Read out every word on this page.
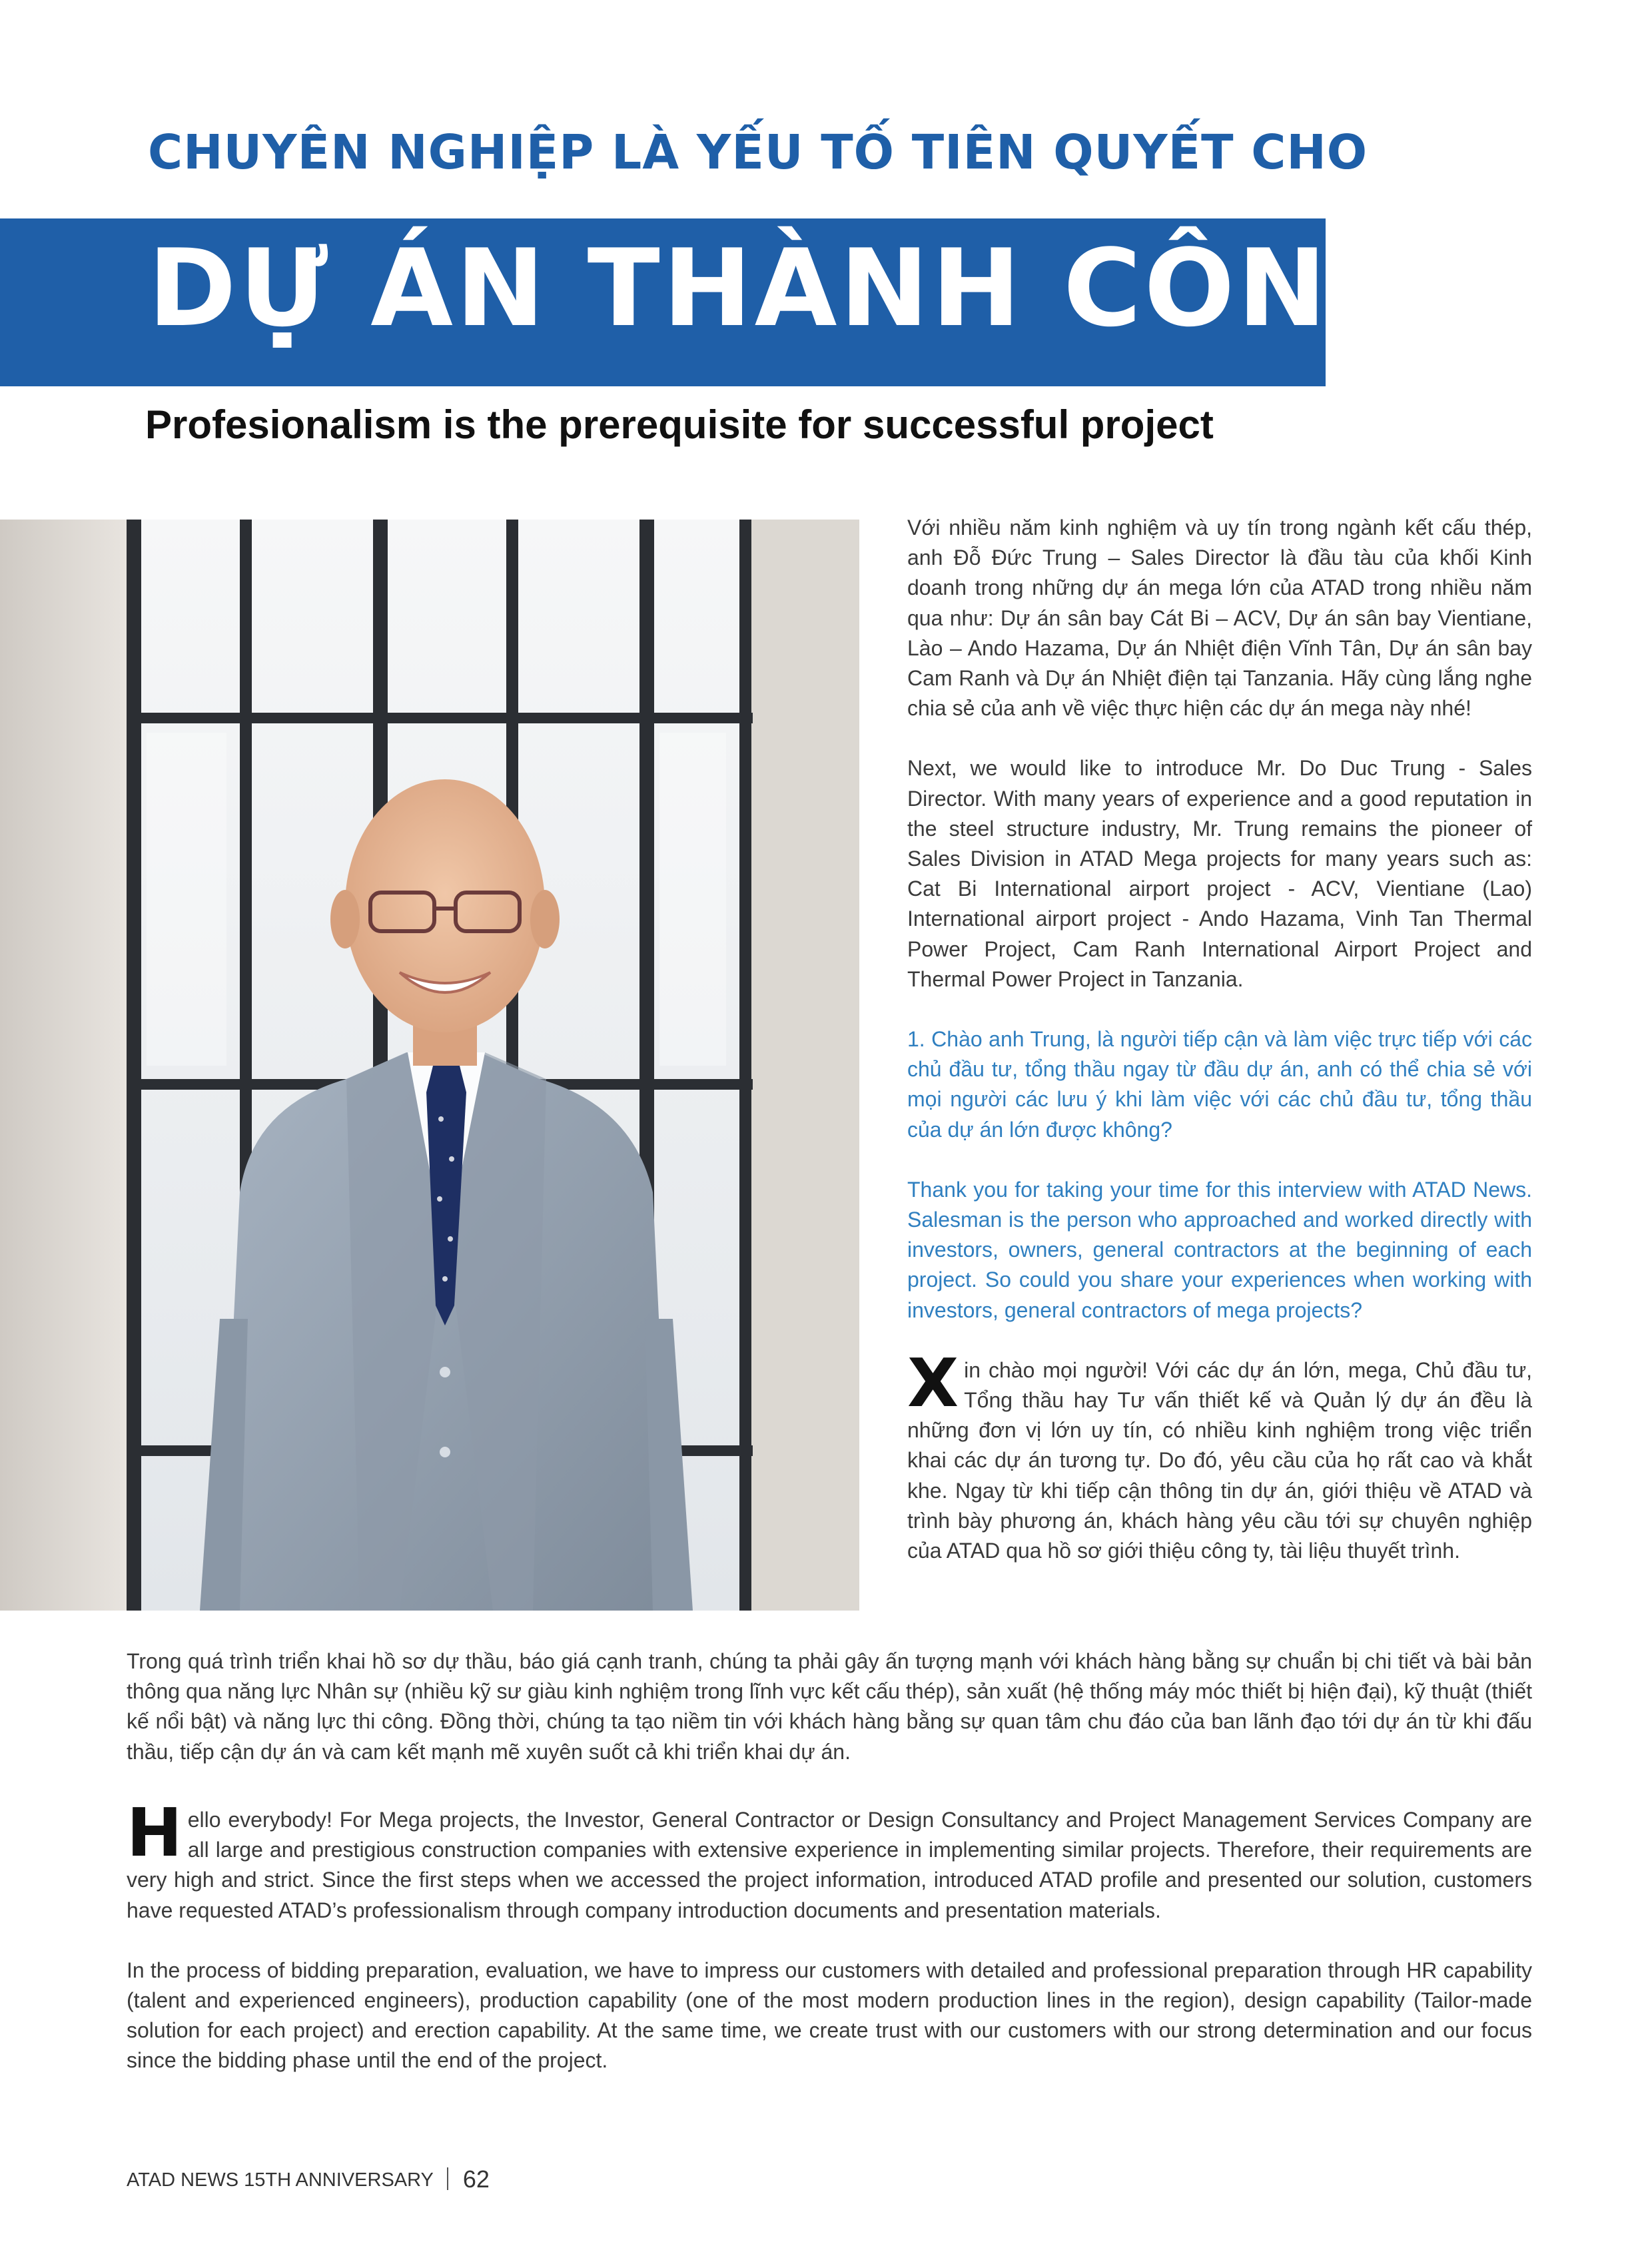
CHUYÊN NGHIỆP LÀ YẾU TỐ TIÊN QUYẾT CHO
DỰ ÁN THÀNH CÔNG
Profesionalism is the prerequisite for successful project

Với nhiều năm kinh nghiệm và uy tín trong ngành kết cấu thép, anh Đỗ Đức Trung – Sales Director là đầu tàu của khối Kinh doanh trong những dự án mega lớn của ATAD trong nhiều năm qua như: Dự án sân bay Cát Bi – ACV, Dự án sân bay Vientiane, Lào – Ando Hazama, Dự án Nhiệt điện Vĩnh Tân, Dự án sân bay Cam Ranh và Dự án Nhiệt điện tại Tanzania. Hãy cùng lắng nghe chia sẻ của anh về việc thực hiện các dự án mega này nhé!

Next, we would like to introduce Mr. Do Duc Trung - Sales Director. With many years of experience and a good reputation in the steel structure industry, Mr. Trung remains the pioneer of Sales Division in ATAD Mega projects for many years such as: Cat Bi International airport project - ACV, Vientiane (Lao) International airport project - Ando Hazama, Vinh Tan Thermal Power Project, Cam Ranh International Airport Project and Thermal Power Project in Tanzania.

1. Chào anh Trung, là người tiếp cận và làm việc trực tiếp với các chủ đầu tư, tổng thầu ngay từ đầu dự án, anh có thể chia sẻ với mọi người các lưu ý khi làm việc với các chủ đầu tư, tổng thầu của dự án lớn được không?

Thank you for taking your time for this interview with ATAD News. Salesman is the person who approached and worked directly with investors, owners, general contractors at the beginning of each project. So could you share your experiences when working with investors, general contractors of mega projects?

Xin chào mọi người! Với các dự án lớn, mega, Chủ đầu tư, Tổng thầu hay Tư vấn thiết kế và Quản lý dự án đều là những đơn vị lớn uy tín, có nhiều kinh nghiệm trong việc triển khai các dự án tương tự. Do đó, yêu cầu của họ rất cao và khắt khe. Ngay từ khi tiếp cận thông tin dự án, giới thiệu về ATAD và trình bày phương án, khách hàng yêu cầu tới sự chuyên nghiệp của ATAD qua hồ sơ giới thiệu công ty, tài liệu thuyết trình.

Trong quá trình triển khai hồ sơ dự thầu, báo giá cạnh tranh, chúng ta phải gây ấn tượng mạnh với khách hàng bằng sự chuẩn bị chi tiết và bài bản thông qua năng lực Nhân sự (nhiều kỹ sư giàu kinh nghiệm trong lĩnh vực kết cấu thép), sản xuất (hệ thống máy móc thiết bị hiện đại), kỹ thuật (thiết kế nổi bật) và năng lực thi công. Đồng thời, chúng ta tạo niềm tin với khách hàng bằng sự quan tâm chu đáo của ban lãnh đạo tới dự án từ khi đấu thầu, tiếp cận dự án và cam kết mạnh mẽ xuyên suốt cả khi triển khai dự án.

Hello everybody! For Mega projects, the Investor, General Contractor or Design Consultancy and Project Management Services Company are all large and prestigious construction companies with extensive experience in implementing similar projects. Therefore, their requirements are very high and strict. Since the first steps when we accessed the project information, introduced ATAD profile and presented our solution, customers have requested ATAD’s professionalism through company introduction documents and presentation materials.

In the process of bidding preparation, evaluation, we have to impress our customers with detailed and professional preparation through HR capability (talent and experienced engineers), production capability (one of the most modern production lines in the region), design capability (Tailor-made solution for each project) and erection capability. At the same time, we create trust with our customers with our strong determination and our focus since the bidding phase until the end of the project.

ATAD NEWS 15TH ANNIVERSARY 62
